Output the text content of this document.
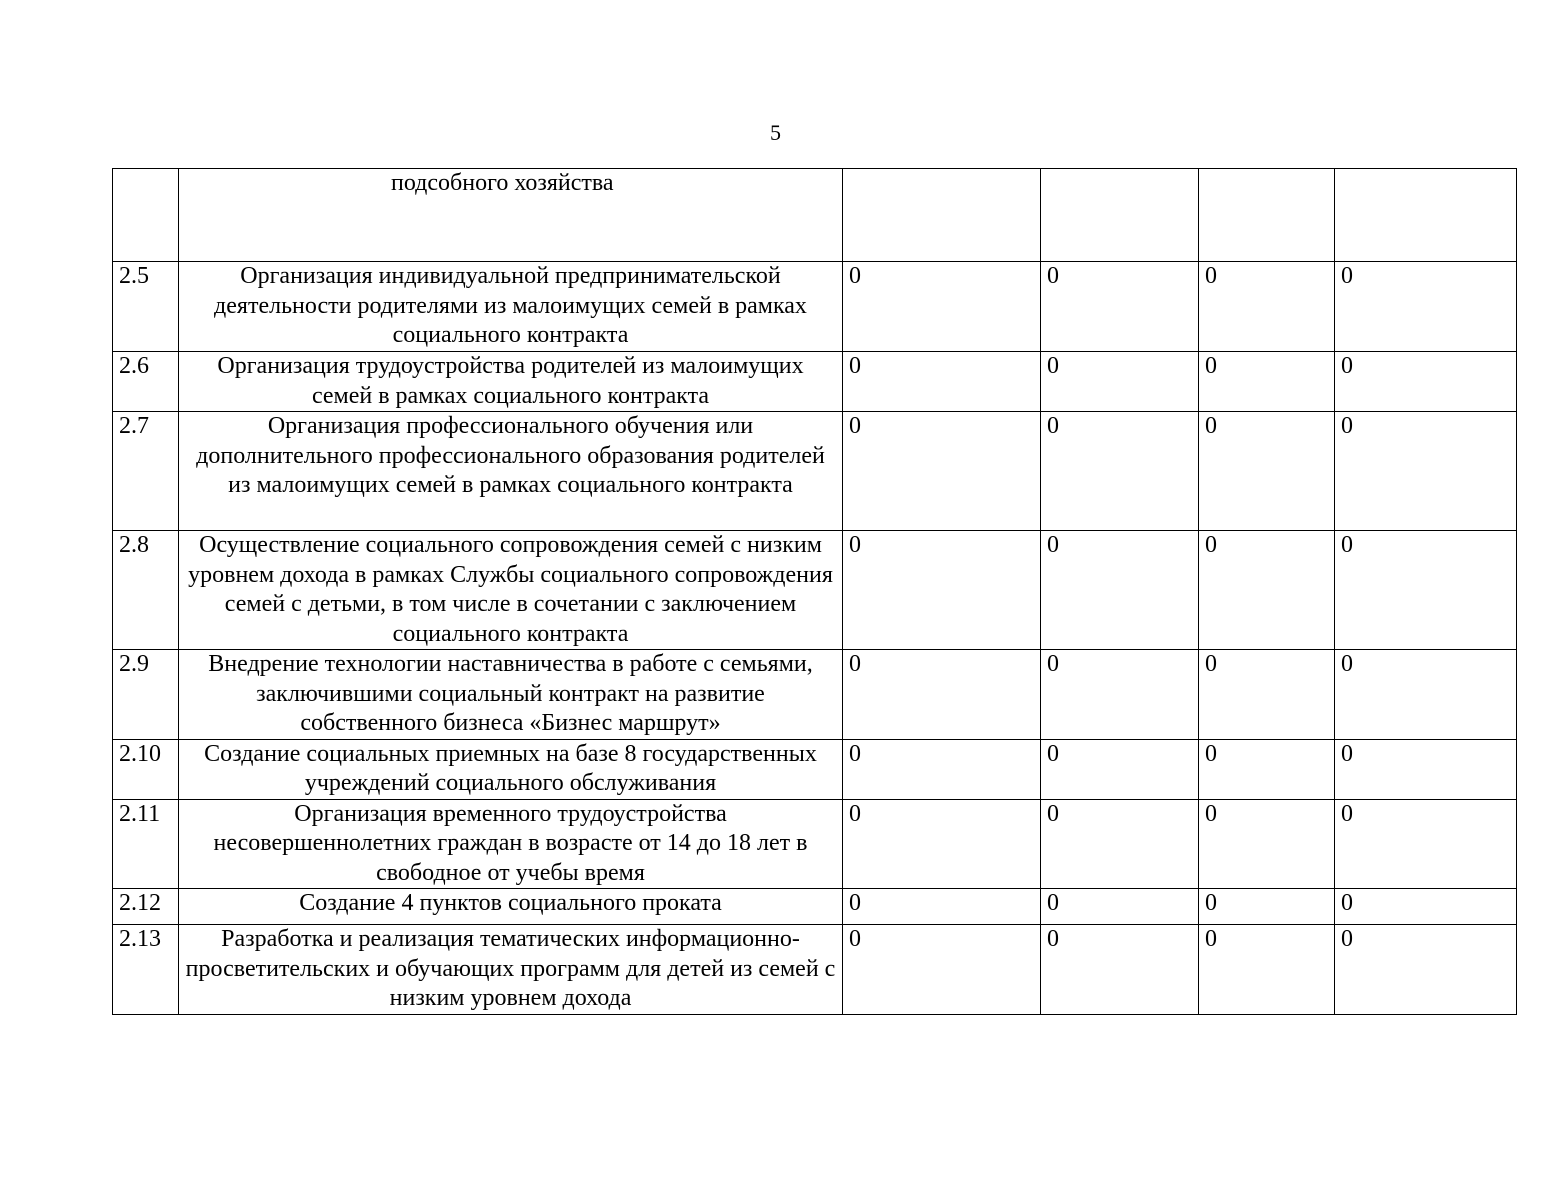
5
	подсобного хозяйства				
2.5	Организация индивидуальной предпринимательской деятельности родителями из малоимущих семей в рамках социального контракта	0	0	0	0
2.6	Организация трудоустройства родителей из малоимущих семей в рамках социального контракта	0	0	0	0
2.7	Организация профессионального обучения или дополнительного профессионального образования родителей из малоимущих семей в рамках социального контракта	0	0	0	0
2.8	Осуществление социального сопровождения семей с низким уровнем дохода в рамках Службы социального сопровождения семей с детьми, в том числе в сочетании с заключением социального контракта	0	0	0	0
2.9	Внедрение технологии наставничества в работе с семьями, заключившими социальный контракт на развитие собственного бизнеса «Бизнес маршрут»	0	0	0	0
2.10	Создание социальных приемных на базе 8 государственных учреждений социального обслуживания	0	0	0	0
2.11	Организация временного трудоустройства несовершеннолетних граждан в возрасте от 14 до 18 лет в свободное от учебы время	0	0	0	0
2.12	Создание 4 пунктов социального проката	0	0	0	0
2.13	Разработка и реализация тематических информационно-просветительских и обучающих программ для детей из семей с низким уровнем дохода	0	0	0	0
